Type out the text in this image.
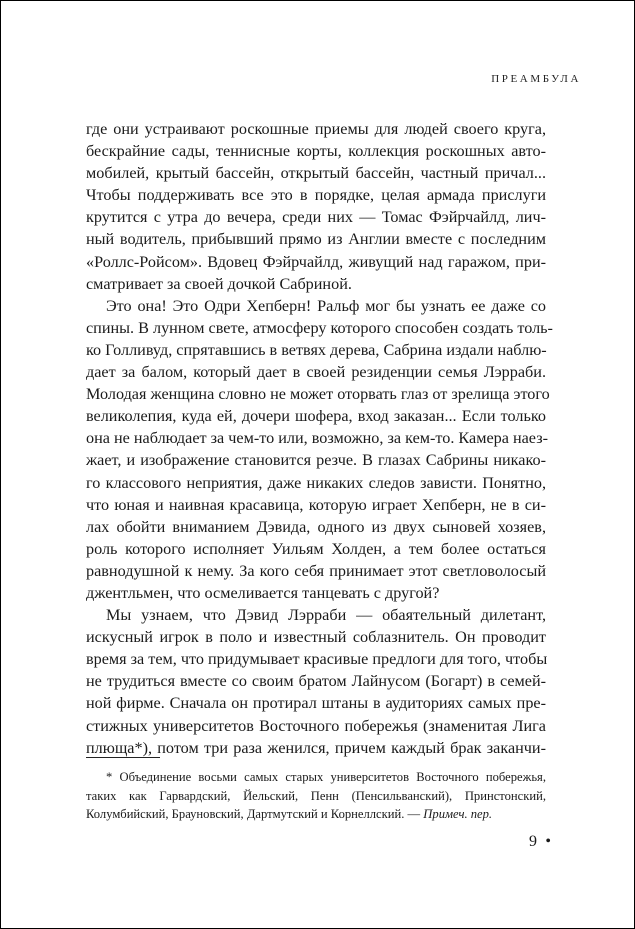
ПРЕАМБУЛА
где они устраивают роскошные приемы для людей своего круга,
бескрайние сады, теннисные корты, коллекция роскошных авто-
мобилей, крытый бассейн, открытый бассейн, частный причал...
Чтобы поддерживать все это в порядке, целая армада прислуги
крутится с утра до вечера, среди них — Томас Фэйрчайлд, лич-
ный водитель, прибывший прямо из Англии вместе с последним
«Роллс-Ройсом». Вдовец Фэйрчайлд, живущий над гаражом, при-
сматривает за своей дочкой Сабриной.
Это она! Это Одри Хепберн! Ральф мог бы узнать ее даже со
спины. В лунном свете, атмосферу которого способен создать толь-
ко Голливуд, спрятавшись в ветвях дерева, Сабрина издали наблю-
дает за балом, который дает в своей резиденции семья Лэрраби.
Молодая женщина словно не может оторвать глаз от зрелища этого
великолепия, куда ей, дочери шофера, вход заказан... Если только
она не наблюдает за чем-то или, возможно, за кем-то. Камера наез-
жает, и изображение становится резче. В глазах Сабрины никако-
го классового неприятия, даже никаких следов зависти. Понятно,
что юная и наивная красавица, которую играет Хепберн, не в си-
лах обойти вниманием Дэвида, одного из двух сыновей хозяев,
роль которого исполняет Уильям Холден, а тем более остаться
равнодушной к нему. За кого себя принимает этот светловолосый
джентльмен, что осмеливается танцевать с другой?
Мы узнаем, что Дэвид Лэрраби — обаятельный дилетант,
искусный игрок в поло и известный соблазнитель. Он проводит
время за тем, что придумывает красивые предлоги для того, чтобы
не трудиться вместе со своим братом Лайнусом (Богарт) в семей-
ной фирме. Сначала он протирал штаны в аудиториях самых пре-
стижных университетов Восточного побережья (знаменитая Лига
плюща*), потом три раза женился, причем каждый брак заканчи-
* Объединение восьми самых старых университетов Восточного побережья,
таких как Гарвардский, Йельский, Пенн (Пенсильванский), Принстонский,
Колумбийский, Брауновский, Дартмутский и Корнеллский. — Примеч. пер.
9 •
